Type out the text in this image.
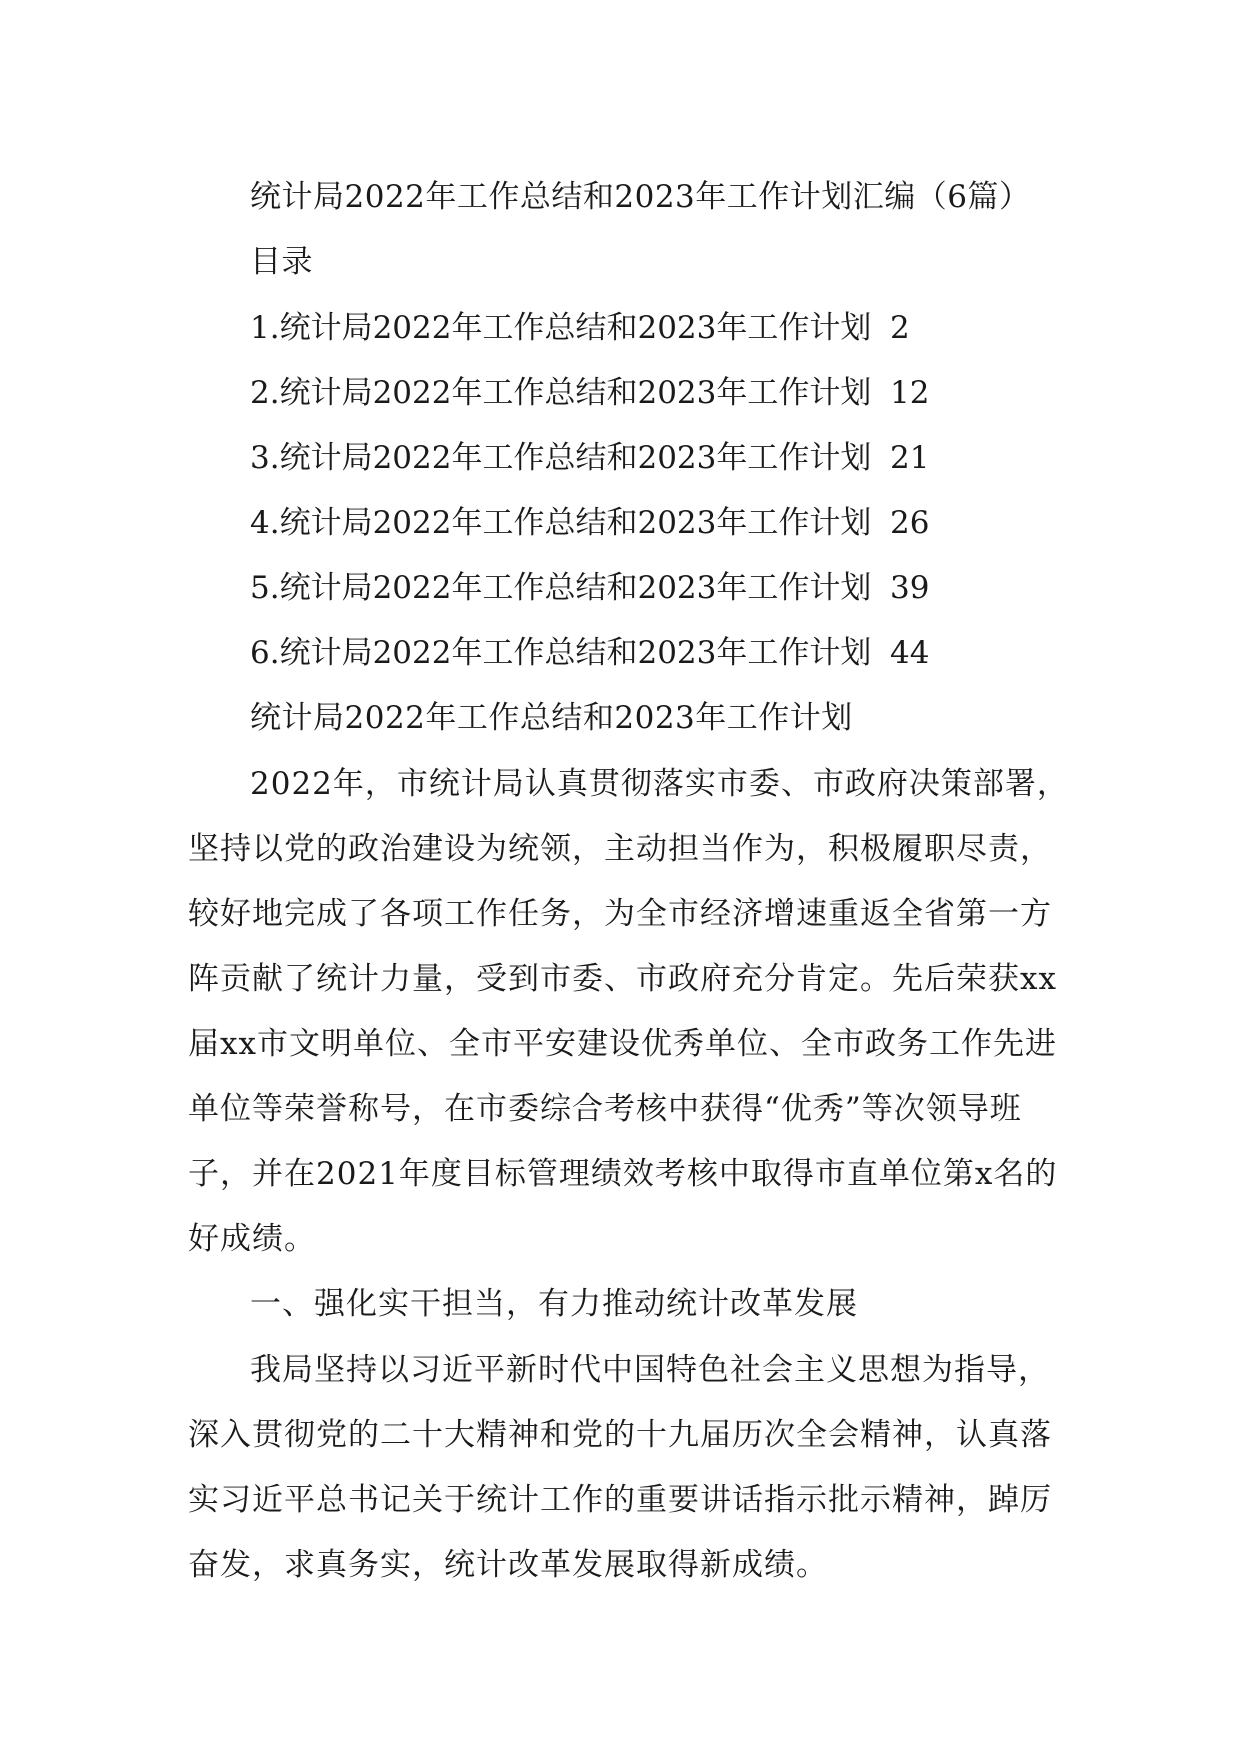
统计局2022年工作总结和2023年工作计划汇编（6篇）
目录
1.统计局2022年工作总结和2023年工作计划 2
2.统计局2022年工作总结和2023年工作计划 12
3.统计局2022年工作总结和2023年工作计划 21
4.统计局2022年工作总结和2023年工作计划 26
5.统计局2022年工作总结和2023年工作计划 39
6.统计局2022年工作总结和2023年工作计划 44
统计局2022年工作总结和2023年工作计划
2022年，市统计局认真贯彻落实市委、市政府决策部署，
坚持以党的政治建设为统领，主动担当作为，积极履职尽责，
较好地完成了各项工作任务，为全市经济增速重返全省第一方
阵贡献了统计力量，受到市委、市政府充分肯定。先后荣获xx
届xx市文明单位、全市平安建设优秀单位、全市政务工作先进
单位等荣誉称号，在市委综合考核中获得“优秀”等次领导班
子，并在2021年度目标管理绩效考核中取得市直单位第x名的
好成绩。
一、强化实干担当，有力推动统计改革发展
我局坚持以习近平新时代中国特色社会主义思想为指导，
深入贯彻党的二十大精神和党的十九届历次全会精神，认真落
实习近平总书记关于统计工作的重要讲话指示批示精神，踔厉
奋发，求真务实，统计改革发展取得新成绩。
